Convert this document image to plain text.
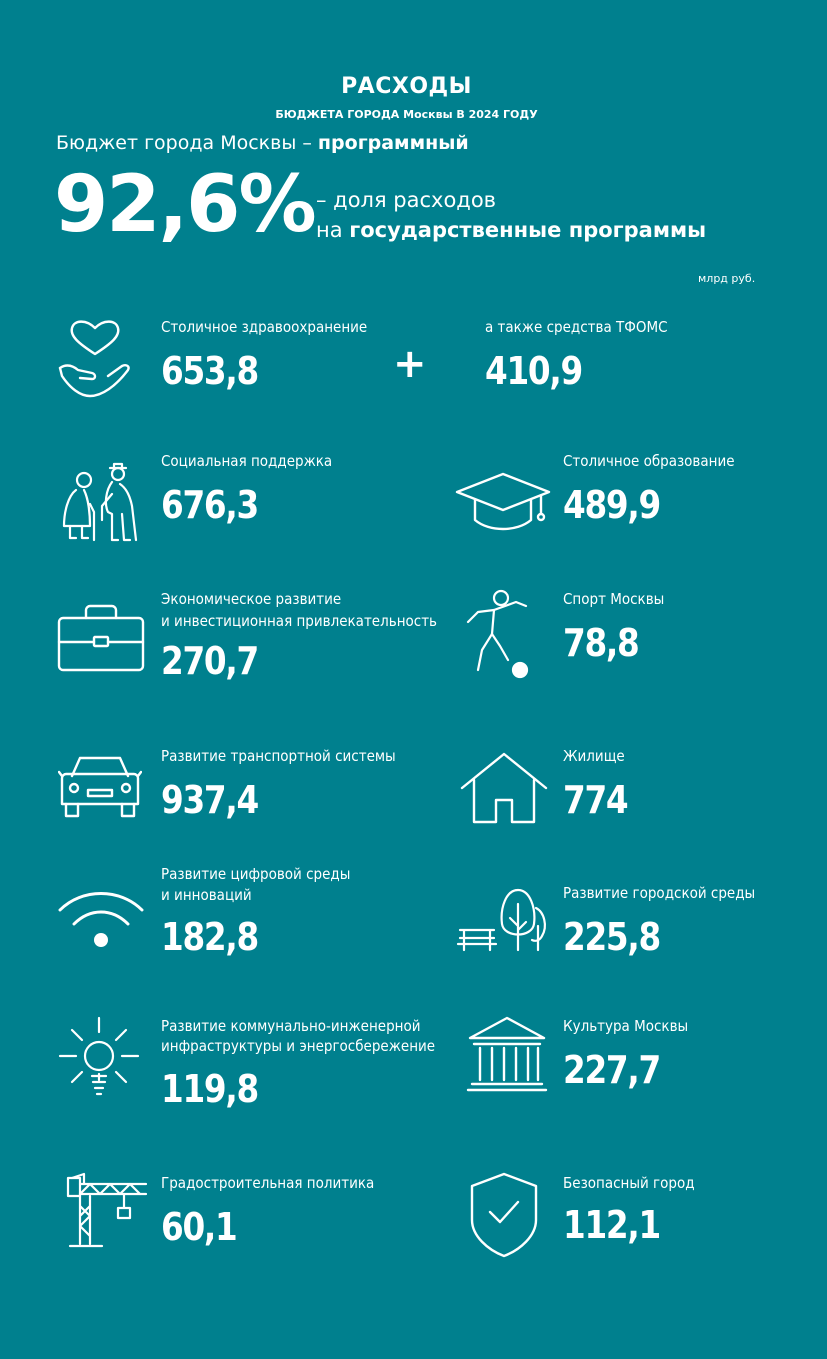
РАСХОДЫ
БЮДЖЕТА ГОРОДА Москвы В 2024 ГОДУ
Бюджет города Москвы – программный
92,6% – доля расходов
на государственные программы
млрд руб.
Столичное здравоохранение
653,8	+
а также средства ТФОМС
410,9
Социальная поддержка
676,3
Столичное образование
489,9
Экономическое развитие
и инвестиционная привлекательность
270,7
Спорт Москвы
78,8
Развитие транспортной системы
937,4
Жилище
774
Развитие цифровой среды
и инноваций
182,8
Развитие городской среды
225,8
Развитие коммунально-инженерной
инфраструктуры и энергосбережение
119,8
Культура Москвы
227,7
Градостроительная политика
60,1
Безопасный город
112,1
